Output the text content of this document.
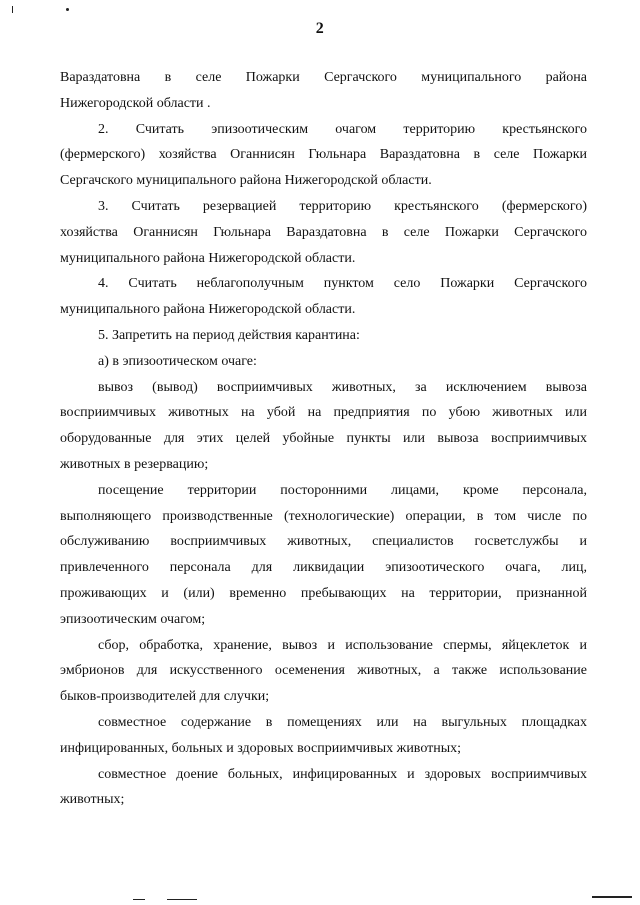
2

Вараздатовна в селе Пожарки Сергачского муниципального района
Нижегородской области .

2. Считать эпизоотическим очагом территорию крестьянского
(фермерского) хозяйства Оганнисян Гюльнара Вараздатовна в селе Пожарки
Сергачского муниципального района Нижегородской области.

3. Считать резервацией территорию крестьянского (фермерского)
хозяйства Оганнисян Гюльнара Вараздатовна в селе Пожарки Сергачского
муниципального района Нижегородской области.

4. Считать неблагополучным пунктом село Пожарки Сергачского
муниципального района Нижегородской области.

5. Запретить на период действия карантина:

а) в эпизоотическом очаге:

вывоз (вывод) восприимчивых животных, за исключением вывоза
восприимчивых животных на убой на предприятия по убою животных или
оборудованные для этих целей убойные пункты или вывоза восприимчивых
животных в резервацию;

посещение территории посторонними лицами, кроме персонала,
выполняющего производственные (технологические) операции, в том числе по
обслуживанию восприимчивых животных, специалистов госветслужбы и
привлеченного персонала для ликвидации эпизоотического очага, лиц,
проживающих и (или) временно пребывающих на территории, признанной
эпизоотическим очагом;

сбор, обработка, хранение, вывоз и использование спермы, яйцеклеток и
эмбрионов для искусственного осеменения животных, а также использование
быков-производителей для случки;

совместное содержание в помещениях или на выгульных площадках
инфицированных, больных и здоровых восприимчивых животных;

совместное доение больных, инфицированных и здоровых восприимчивых
животных;
